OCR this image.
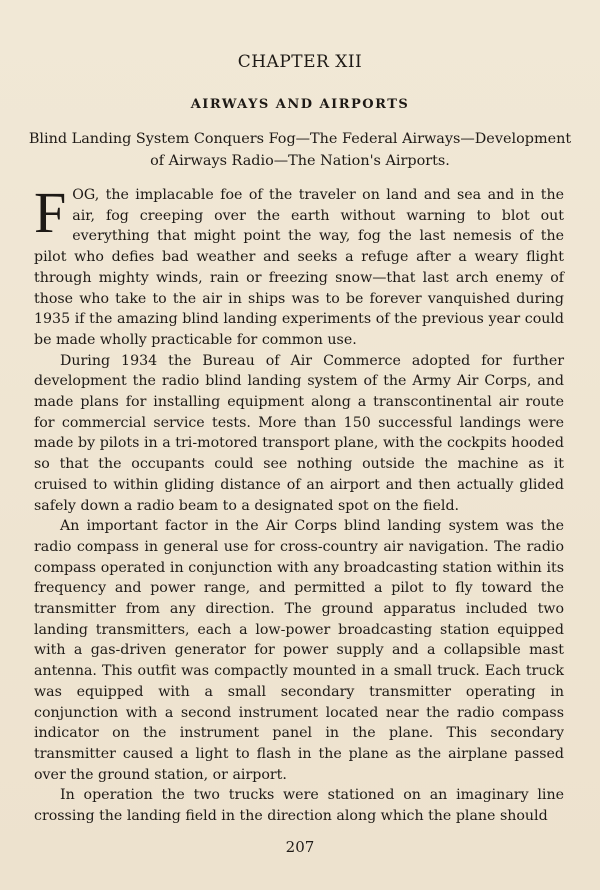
CHAPTER XII
AIRWAYS AND AIRPORTS

Blind Landing System Conquers Fog—The Federal Airways—Development of Airways Radio—The Nation's Airports.

FOG, the implacable foe of the traveler on land and sea and in the air, fog creeping over the earth without warning to blot out everything that might point the way, fog the last nemesis of the pilot who defies bad weather and seeks a refuge after a weary flight through mighty winds, rain or freezing snow—that last arch enemy of those who take to the air in ships was to be forever vanquished during 1935 if the amazing blind landing experiments of the previous year could be made wholly practicable for common use.

During 1934 the Bureau of Air Commerce adopted for further development the radio blind landing system of the Army Air Corps, and made plans for installing equipment along a transcontinental air route for commercial service tests. More than 150 successful landings were made by pilots in a tri-motored transport plane, with the cockpits hooded so that the occupants could see nothing outside the machine as it cruised to within gliding distance of an airport and then actually glided safely down a radio beam to a designated spot on the field.

An important factor in the Air Corps blind landing system was the radio compass in general use for cross-country air navigation. The radio compass operated in conjunction with any broadcasting station within its frequency and power range, and permitted a pilot to fly toward the transmitter from any direction. The ground apparatus included two landing transmitters, each a low-power broadcasting station equipped with a gas-driven generator for power supply and a collapsible mast antenna. This outfit was compactly mounted in a small truck. Each truck was equipped with a small secondary transmitter operating in conjunction with a second instrument located near the radio compass indicator on the instrument panel in the plane. This secondary transmitter caused a light to flash in the plane as the airplane passed over the ground station, or airport.

In operation the two trucks were stationed on an imaginary line crossing the landing field in the direction along which the plane should

207
